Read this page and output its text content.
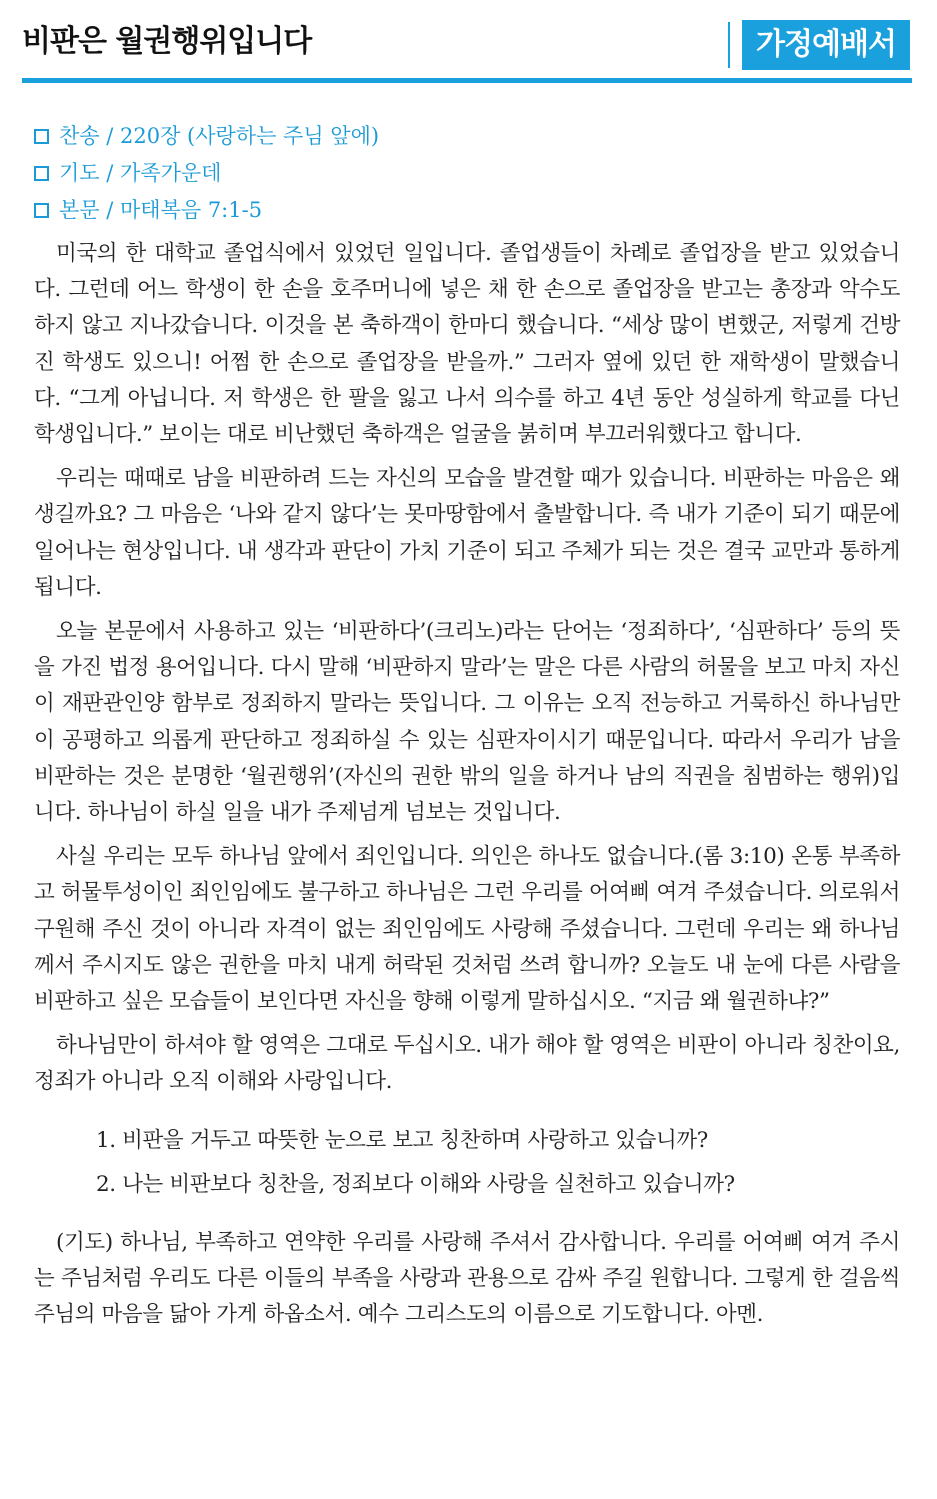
비판은 월권행위입니다	가정예배서
찬송 / 220장 (사랑하는 주님 앞에)
기도 / 가족가운데
본문 / 마태복음 7:1-5

미국의 한 대학교 졸업식에서 있었던 일입니다. 졸업생들이 차례로 졸업장을 받고 있었습니다. 그런데 어느 학생이 한 손을 호주머니에 넣은 채 한 손으로 졸업장을 받고는 총장과 악수도 하지 않고 지나갔습니다. 이것을 본 축하객이 한마디 했습니다. “세상 많이 변했군, 저렇게 건방진 학생도 있으니! 어쩜 한 손으로 졸업장을 받을까.” 그러자 옆에 있던 한 재학생이 말했습니다. “그게 아닙니다. 저 학생은 한 팔을 잃고 나서 의수를 하고 4년 동안 성실하게 학교를 다닌 학생입니다.” 보이는 대로 비난했던 축하객은 얼굴을 붉히며 부끄러워했다고 합니다.

우리는 때때로 남을 비판하려 드는 자신의 모습을 발견할 때가 있습니다. 비판하는 마음은 왜 생길까요? 그 마음은 ‘나와 같지 않다’는 못마땅함에서 출발합니다. 즉 내가 기준이 되기 때문에 일어나는 현상입니다. 내 생각과 판단이 가치 기준이 되고 주체가 되는 것은 결국 교만과 통하게 됩니다.

오늘 본문에서 사용하고 있는 ‘비판하다’(크리노)라는 단어는 ‘정죄하다’, ‘심판하다’ 등의 뜻을 가진 법정 용어입니다. 다시 말해 ‘비판하지 말라’는 말은 다른 사람의 허물을 보고 마치 자신이 재판관인양 함부로 정죄하지 말라는 뜻입니다. 그 이유는 오직 전능하고 거룩하신 하나님만이 공평하고 의롭게 판단하고 정죄하실 수 있는 심판자이시기 때문입니다. 따라서 우리가 남을 비판하는 것은 분명한 ‘월권행위’(자신의 권한 밖의 일을 하거나 남의 직권을 침범하는 행위)입니다. 하나님이 하실 일을 내가 주제넘게 넘보는 것입니다.

사실 우리는 모두 하나님 앞에서 죄인입니다. 의인은 하나도 없습니다.(롬 3:10) 온통 부족하고 허물투성이인 죄인임에도 불구하고 하나님은 그런 우리를 어여삐 여겨 주셨습니다. 의로워서 구원해 주신 것이 아니라 자격이 없는 죄인임에도 사랑해 주셨습니다. 그런데 우리는 왜 하나님께서 주시지도 않은 권한을 마치 내게 허락된 것처럼 쓰려 합니까? 오늘도 내 눈에 다른 사람을 비판하고 싶은 모습들이 보인다면 자신을 향해 이렇게 말하십시오. “지금 왜 월권하냐?”

하나님만이 하셔야 할 영역은 그대로 두십시오. 내가 해야 할 영역은 비판이 아니라 칭찬이요, 정죄가 아니라 오직 이해와 사랑입니다.

1. 비판을 거두고 따뜻한 눈으로 보고 칭찬하며 사랑하고 있습니까?
2. 나는 비판보다 칭찬을, 정죄보다 이해와 사랑을 실천하고 있습니까?

(기도) 하나님, 부족하고 연약한 우리를 사랑해 주셔서 감사합니다. 우리를 어여삐 여겨 주시는 주님처럼 우리도 다른 이들의 부족을 사랑과 관용으로 감싸 주길 원합니다. 그렇게 한 걸음씩 주님의 마음을 닮아 가게 하옵소서. 예수 그리스도의 이름으로 기도합니다. 아멘.
